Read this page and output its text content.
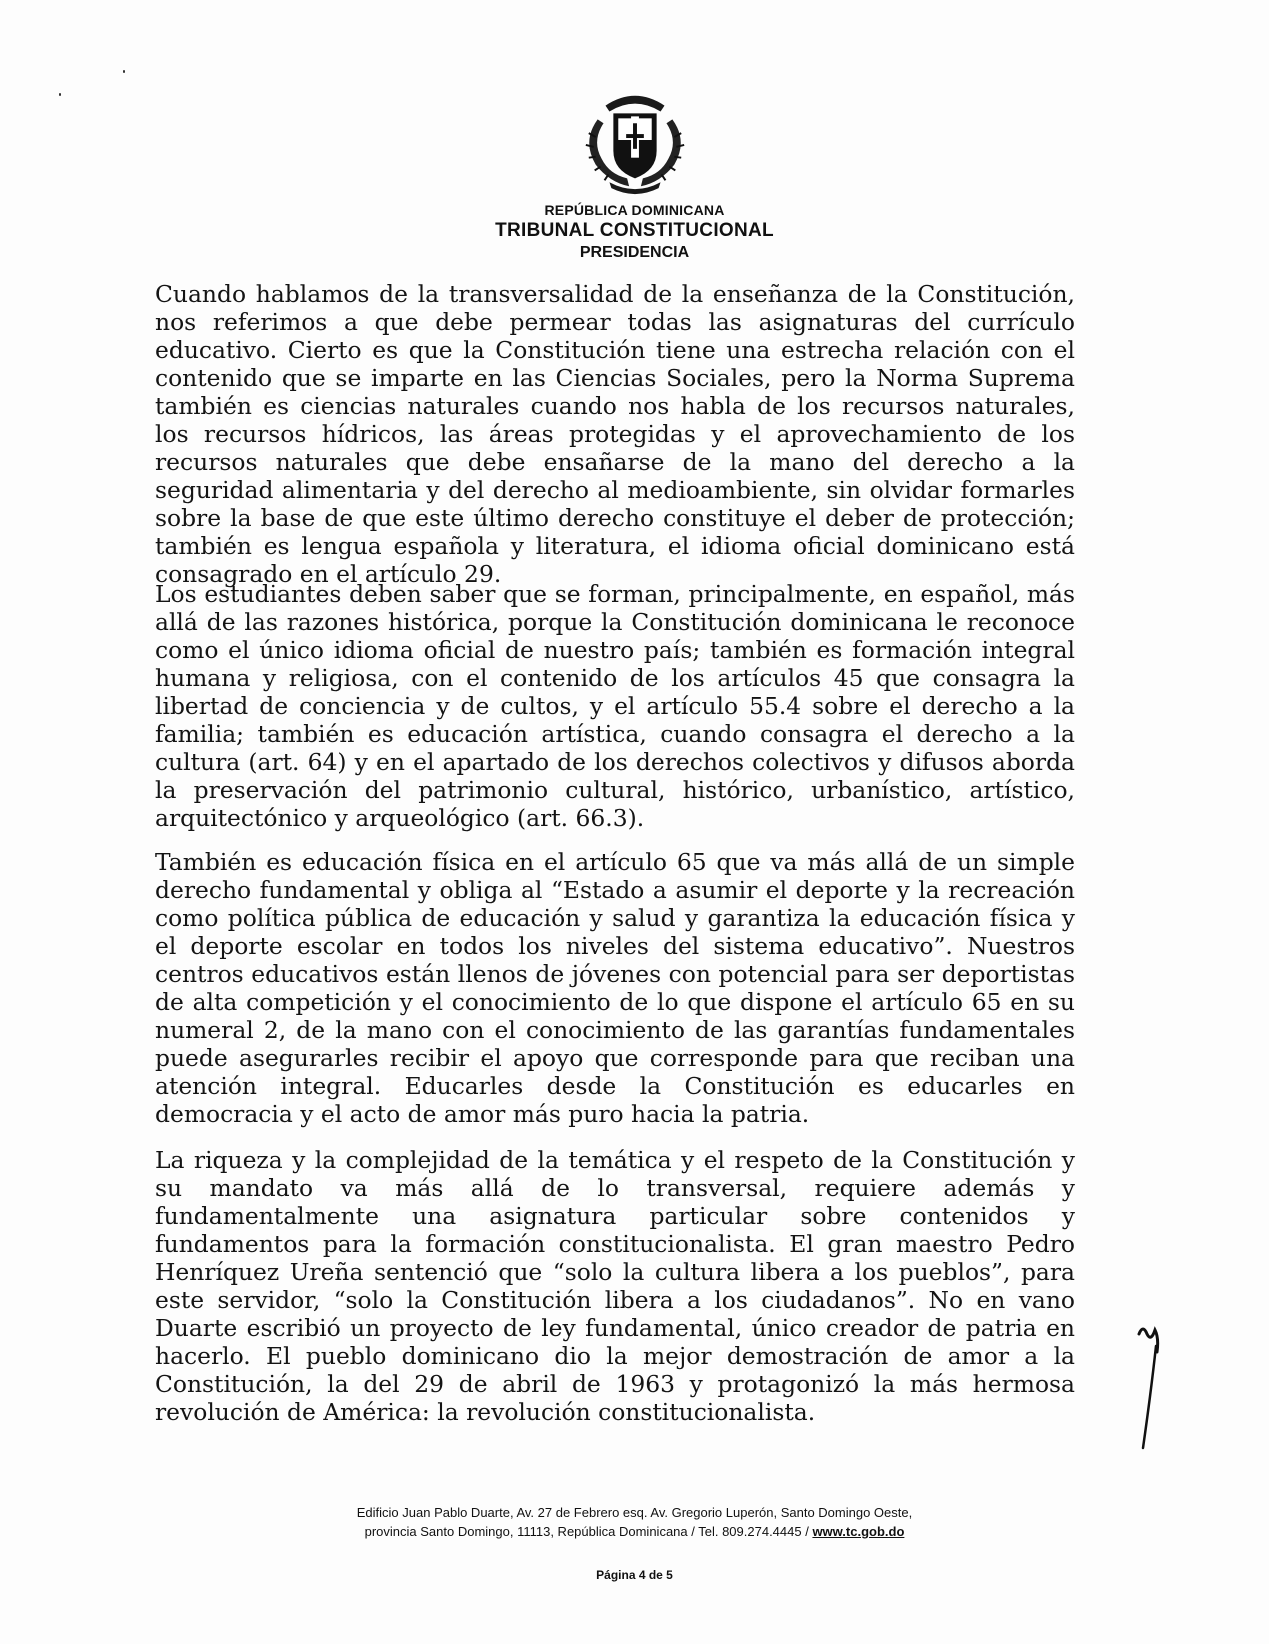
REPÚBLICA DOMINICANA
TRIBUNAL CONSTITUCIONAL
PRESIDENCIA

Cuando hablamos de la transversalidad de la enseñanza de la Constitución, nos referimos a que debe permear todas las asignaturas del currículo educativo. Cierto es que la Constitución tiene una estrecha relación con el contenido que se imparte en las Ciencias Sociales, pero la Norma Suprema también es ciencias naturales cuando nos habla de los recursos naturales, los recursos hídricos, las áreas protegidas y el aprovechamiento de los recursos naturales que debe ensañarse de la mano del derecho a la seguridad alimentaria y del derecho al medioambiente, sin olvidar formarles sobre la base de que este último derecho constituye el deber de protección; también es lengua española y literatura, el idioma oficial dominicano está consagrado en el artículo 29.

Los estudiantes deben saber que se forman, principalmente, en español, más allá de las razones histórica, porque la Constitución dominicana le reconoce como el único idioma oficial de nuestro país; también es formación integral humana y religiosa, con el contenido de los artículos 45 que consagra la libertad de conciencia y de cultos, y el artículo 55.4 sobre el derecho a la familia; también es educación artística, cuando consagra el derecho a la cultura (art. 64) y en el apartado de los derechos colectivos y difusos aborda la preservación del patrimonio cultural, histórico, urbanístico, artístico, arquitectónico y arqueológico (art. 66.3).

También es educación física en el artículo 65 que va más allá de un simple derecho fundamental y obliga al “Estado a asumir el deporte y la recreación como política pública de educación y salud y garantiza la educación física y el deporte escolar en todos los niveles del sistema educativo”. Nuestros centros educativos están llenos de jóvenes con potencial para ser deportistas de alta competición y el conocimiento de lo que dispone el artículo 65 en su numeral 2, de la mano con el conocimiento de las garantías fundamentales puede asegurarles recibir el apoyo que corresponde para que reciban una atención integral. Educarles desde la Constitución es educarles en democracia y el acto de amor más puro hacia la patria.

La riqueza y la complejidad de la temática y el respeto de la Constitución y su mandato va más allá de lo transversal, requiere además y fundamentalmente una asignatura particular sobre contenidos y fundamentos para la formación constitucionalista. El gran maestro Pedro Henríquez Ureña sentenció que “solo la cultura libera a los pueblos”, para este servidor, “solo la Constitución libera a los ciudadanos”. No en vano Duarte escribió un proyecto de ley fundamental, único creador de patria en hacerlo. El pueblo dominicano dio la mejor demostración de amor a la Constitución, la del 29 de abril de 1963 y protagonizó la más hermosa revolución de América: la revolución constitucionalista.

Edificio Juan Pablo Duarte, Av. 27 de Febrero esq. Av. Gregorio Luperón, Santo Domingo Oeste,
provincia Santo Domingo, 11113, República Dominicana / Tel. 809.274.4445 / www.tc.gob.do
Página 4 de 5
